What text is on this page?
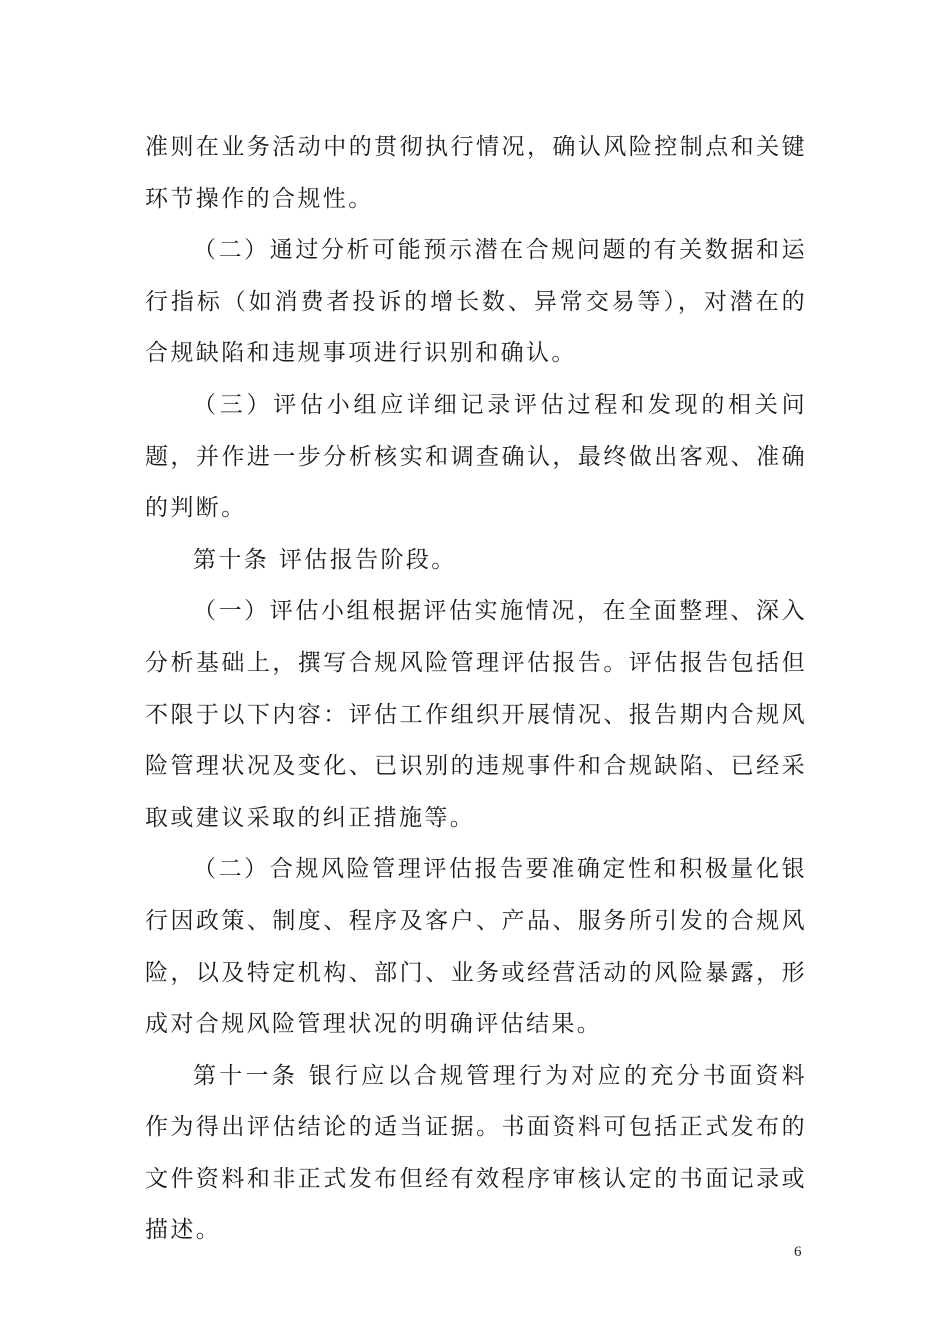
准则在业务活动中的贯彻执行情况，确认风险控制点和关键环节操作的合规性。

（二）通过分析可能预示潜在合规问题的有关数据和运行指标（如消费者投诉的增长数、异常交易等），对潜在的合规缺陷和违规事项进行识别和确认。

（三）评估小组应详细记录评估过程和发现的相关问题，并作进一步分析核实和调查确认，最终做出客观、准确的判断。

第十条 评估报告阶段。

（一）评估小组根据评估实施情况，在全面整理、深入分析基础上，撰写合规风险管理评估报告。评估报告包括但不限于以下内容：评估工作组织开展情况、报告期内合规风险管理状况及变化、已识别的违规事件和合规缺陷、已经采取或建议采取的纠正措施等。

（二）合规风险管理评估报告要准确定性和积极量化银行因政策、制度、程序及客户、产品、服务所引发的合规风险，以及特定机构、部门、业务或经营活动的风险暴露，形成对合规风险管理状况的明确评估结果。

第十一条 银行应以合规管理行为对应的充分书面资料作为得出评估结论的适当证据。书面资料可包括正式发布的文件资料和非正式发布但经有效程序审核认定的书面记录或描述。

6
